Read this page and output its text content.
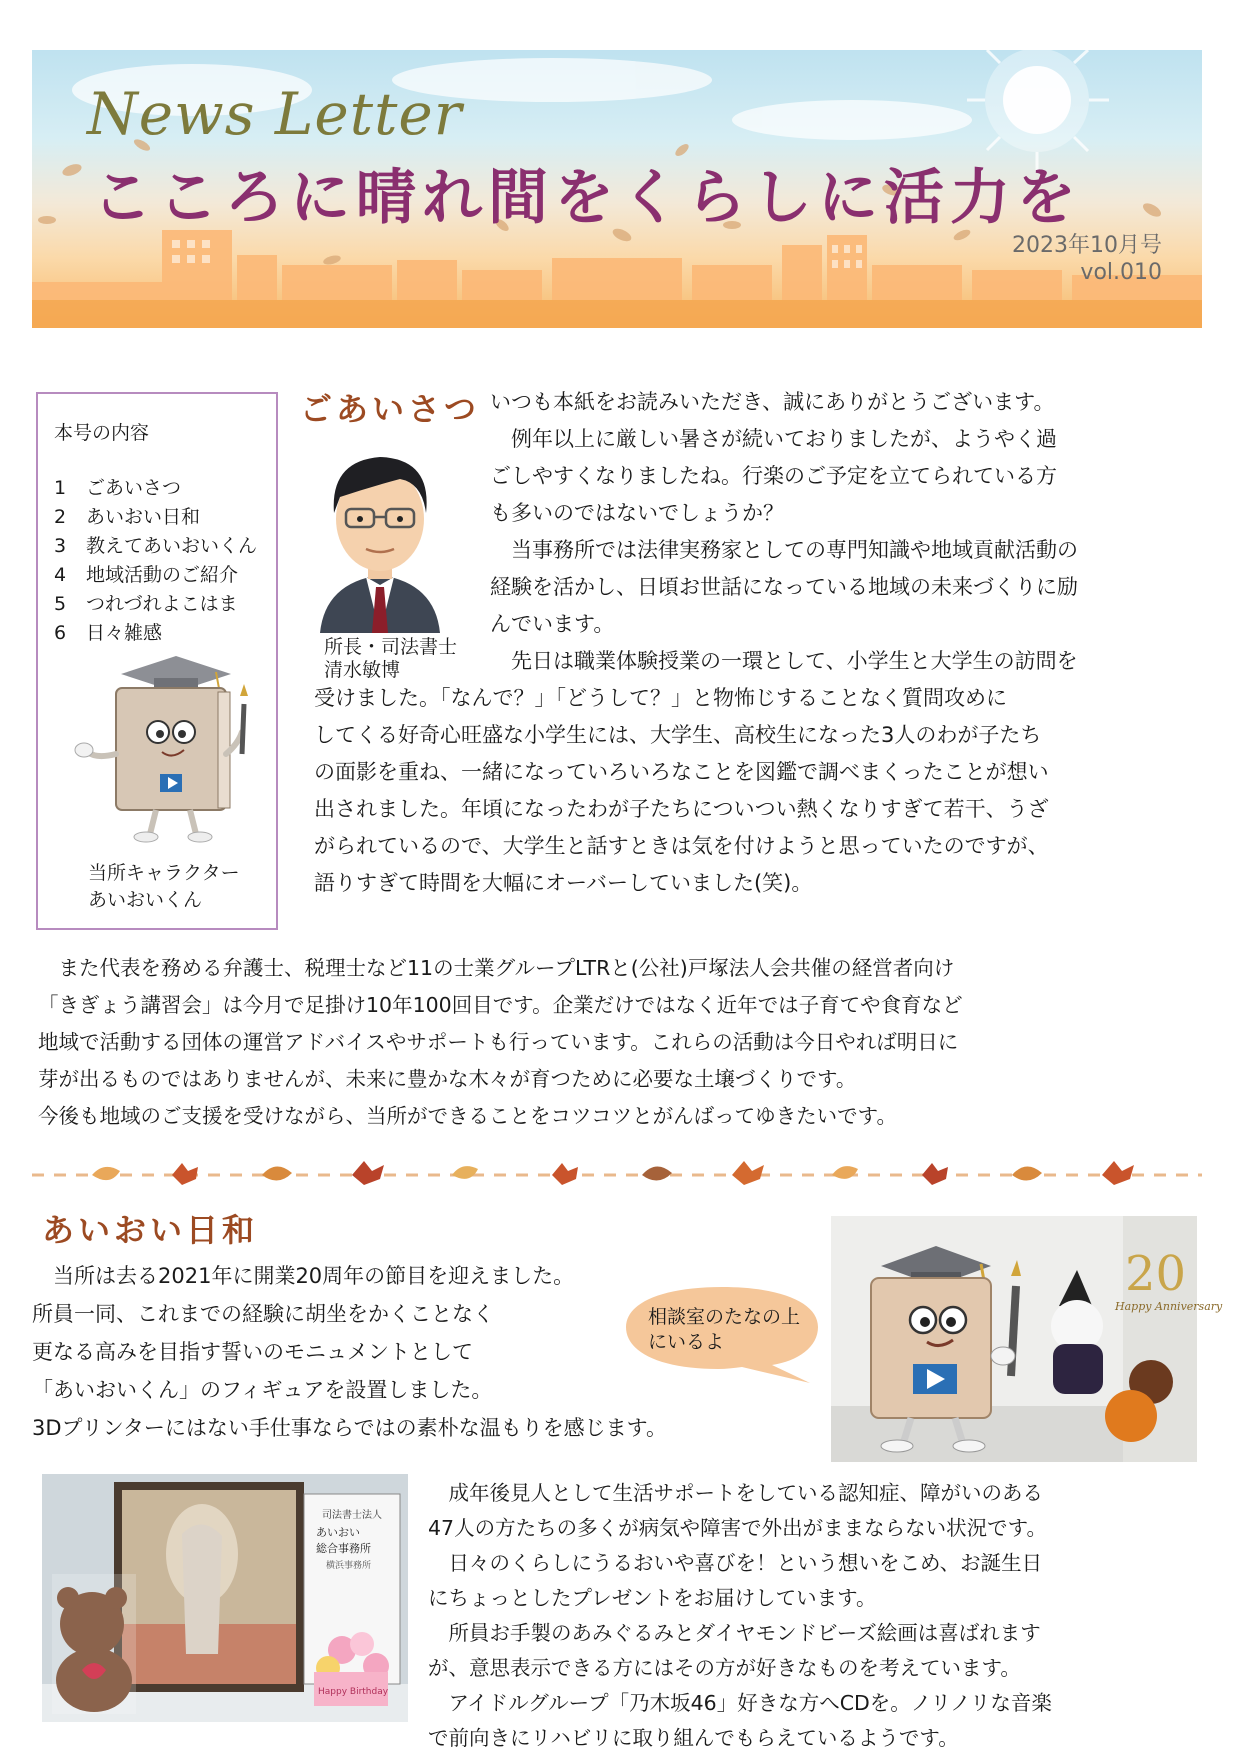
News Letter
こころに晴れ間をくらしに活力を
2023年10月号
vol.010
本号の内容
1 ごあいさつ
2 あいおい日和
3 教えてあいおいくん
4 地域活動のご紹介
5 つれづれよこはま
6 日々雑感
当所キャラクター
あいおいくん
ごあいさつ
所長・司法書士
清水敏博
いつも本紙をお読みいただき、誠にありがとうございます。
　例年以上に厳しい暑さが続いておりましたが、ようやく過
ごしやすくなりましたね。行楽のご予定を立てられている方
も多いのではないでしょうか？
　当事務所では法律実務家としての専門知識や地域貢献活動の
経験を活かし、日頃お世話になっている地域の未来づくりに励
んでいます。
　先日は職業体験授業の一環として、小学生と大学生の訪問を
受けました。「なんで？」「どうして？」と物怖じすることなく質問攻めに
してくる好奇心旺盛な小学生には、大学生、高校生になった3人のわが子たち
の面影を重ね、一緒になっていろいろなことを図鑑で調べまくったことが想い
出されました。年頃になったわが子たちについつい熱くなりすぎて若干、うざ
がられているので、大学生と話すときは気を付けようと思っていたのですが、
語りすぎて時間を大幅にオーバーしていました(笑)。
　また代表を務める弁護士、税理士など11の士業グループLTRと(公社)戸塚法人会共催の経営者向け
「きぎょう講習会」は今月で足掛け10年100回目です。企業だけではなく近年では子育てや食育など
地域で活動する団体の運営アドバイスやサポートも行っています。これらの活動は今日やれば明日に
芽が出るものではありませんが、未来に豊かな木々が育つために必要な土壌づくりです。
今後も地域のご支援を受けながら、当所ができることをコツコツとがんばってゆきたいです。
あいおい日和
　当所は去る2021年に開業20周年の節目を迎えました。
所員一同、これまでの経験に胡坐をかくことなく
更なる高みを目指す誓いのモニュメントとして
「あいおいくん」のフィギュアを設置しました。
3Dプリンターにはない手仕事ならではの素朴な温もりを感じます。
相談室のたなの上
にいるよ
20
Happy Anniversary
司法書士法人
あいおい
総合事務所
横浜事務所
Happy Birthday
　成年後見人として生活サポートをしている認知症、障がいのある
47人の方たちの多くが病気や障害で外出がままならない状況です。
　日々のくらしにうるおいや喜びを！という想いをこめ、お誕生日
にちょっとしたプレゼントをお届けしています。
　所員お手製のあみぐるみとダイヤモンドビーズ絵画は喜ばれます
が、意思表示できる方にはその方が好きなものを考えています。
　アイドルグループ「乃木坂46」好きな方へCDを。ノリノリな音楽
で前向きにリハビリに取り組んでもらえているようです。
